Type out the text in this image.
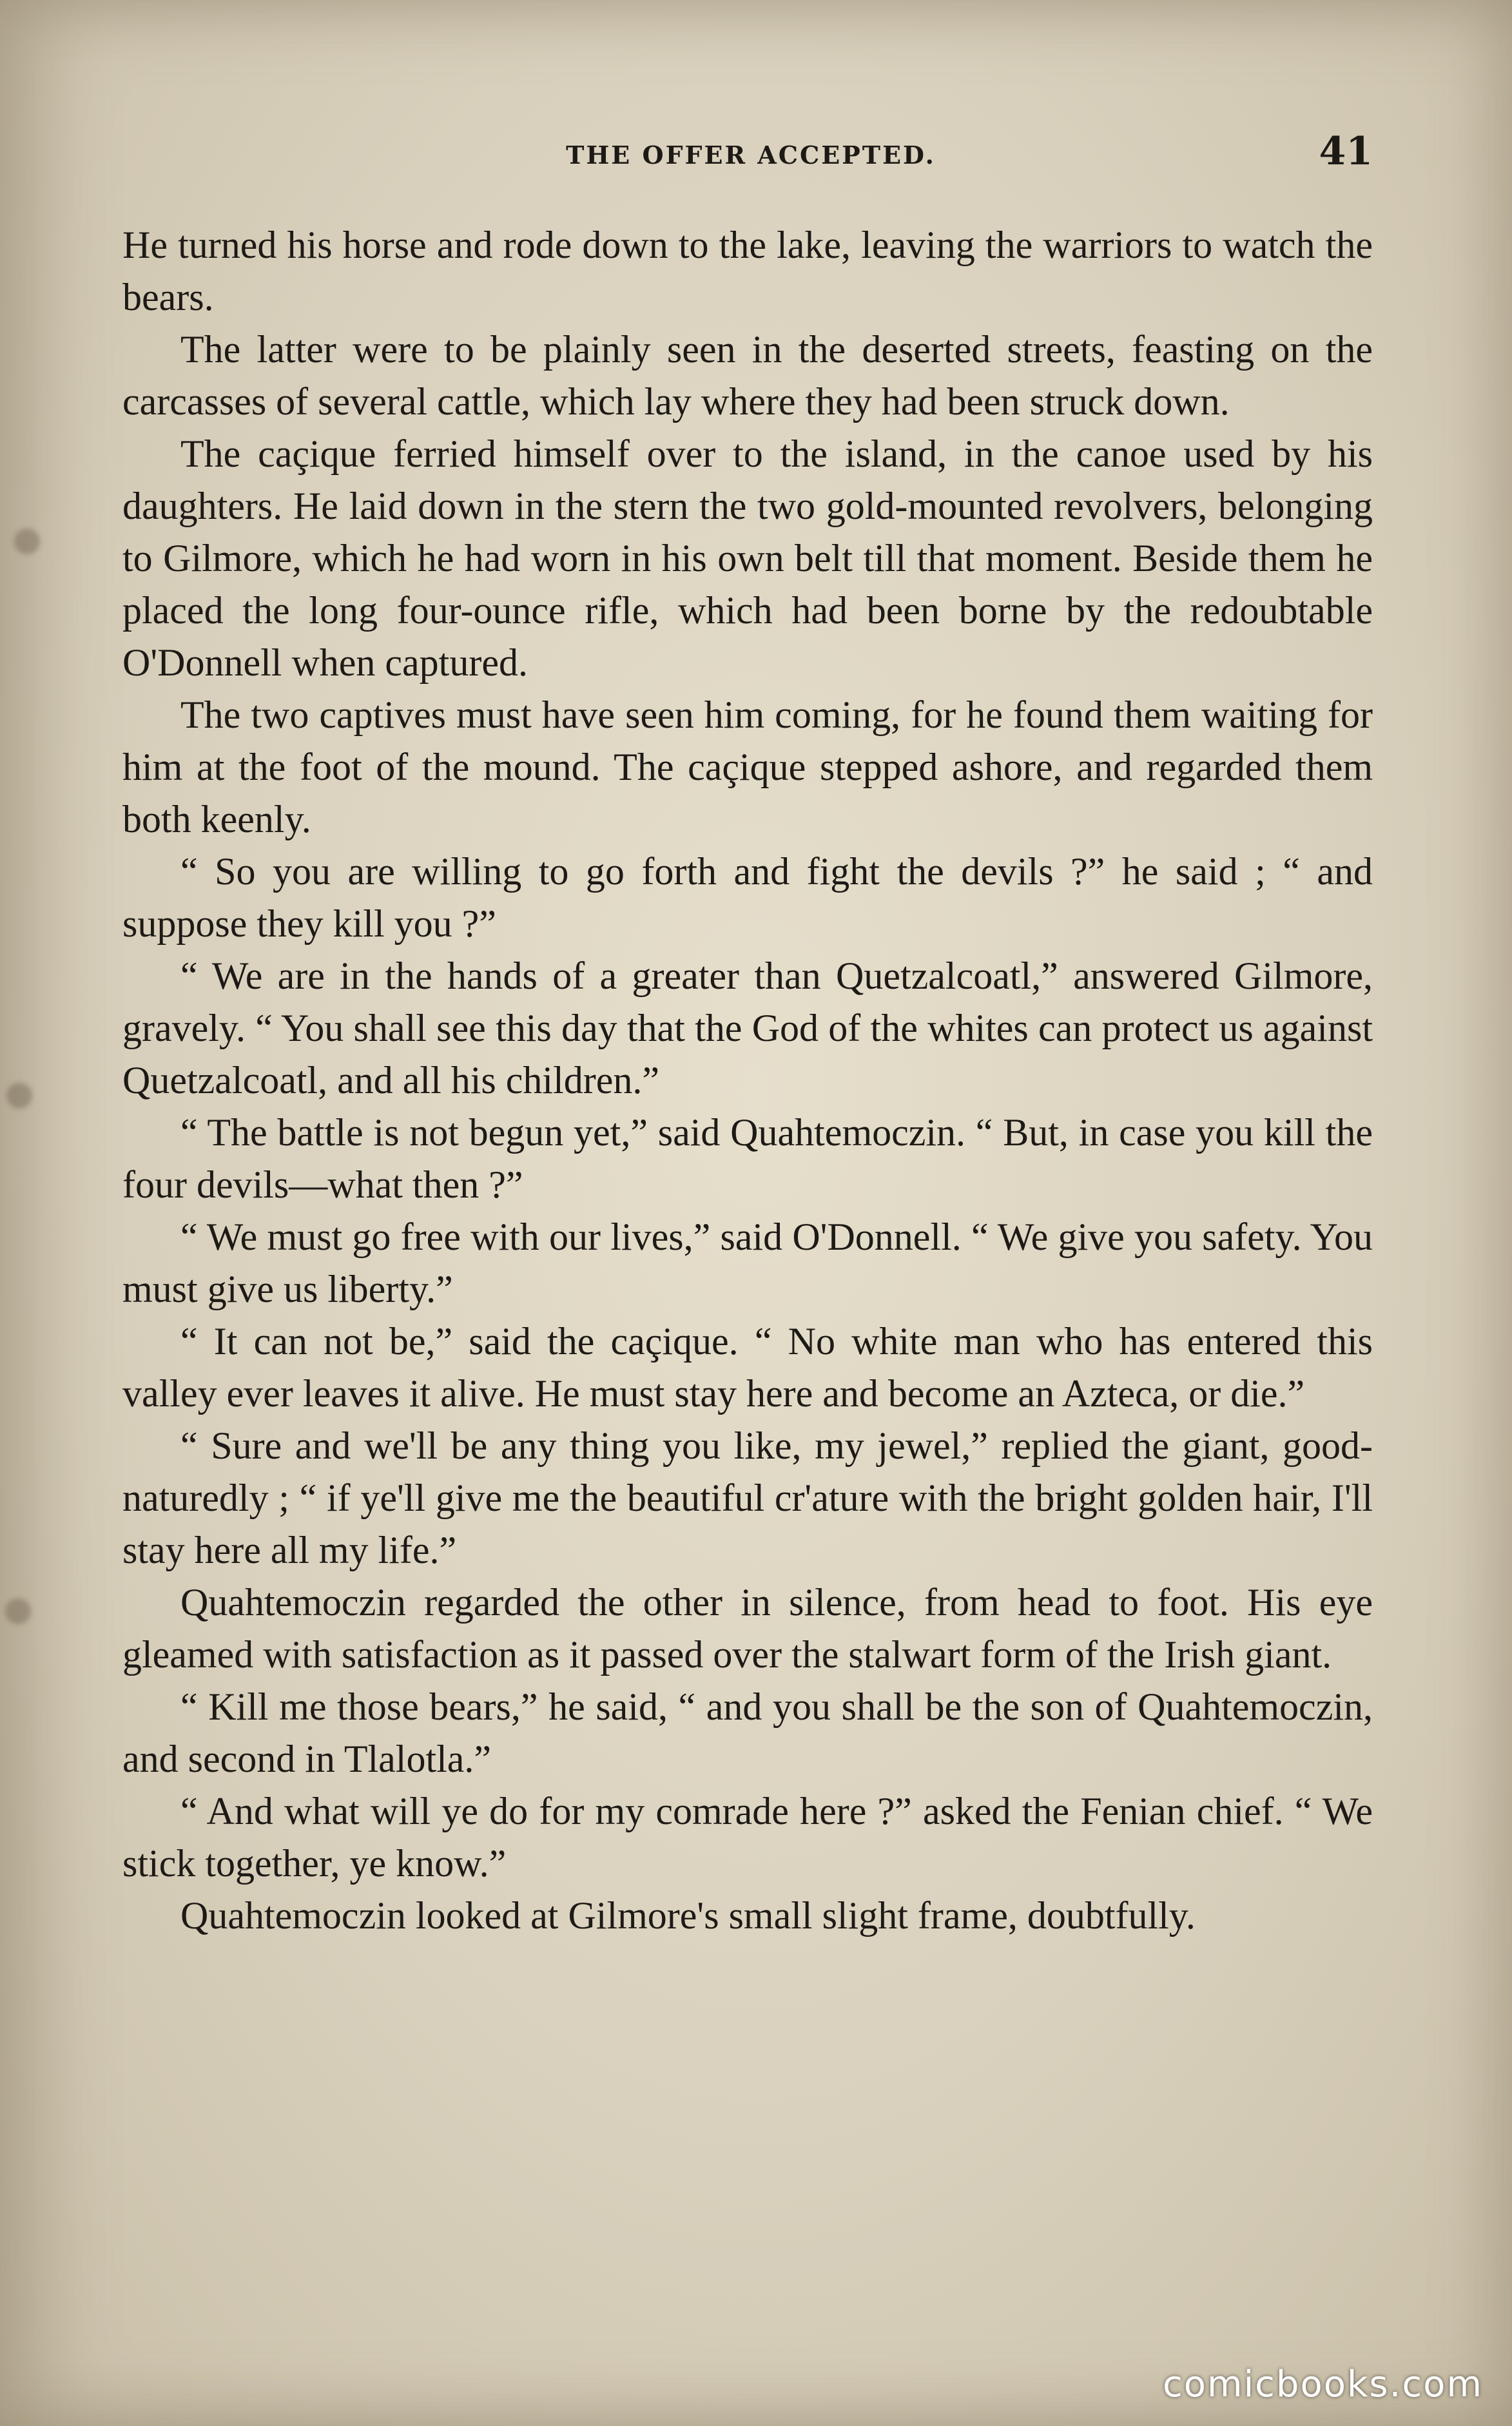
THE OFFER ACCEPTED.	41

He turned his horse and rode down to the lake, leaving the warriors to watch the bears.

The latter were to be plainly seen in the deserted streets, feasting on the carcasses of several cattle, which lay where they had been struck down.

The caçique ferried himself over to the island, in the canoe used by his daughters. He laid down in the stern the two gold-mounted revolvers, belonging to Gilmore, which he had worn in his own belt till that moment. Beside them he placed the long four-ounce rifle, which had been borne by the redoubtable O'Donnell when captured.

The two captives must have seen him coming, for he found them waiting for him at the foot of the mound. The caçique stepped ashore, and regarded them both keenly.

“ So you are willing to go forth and fight the devils ?” he said ; “ and suppose they kill you ?”

“ We are in the hands of a greater than Quetzalcoatl,” answered Gilmore, gravely. “ You shall see this day that the God of the whites can protect us against Quetzalcoatl, and all his children.”

“ The battle is not begun yet,” said Quahtemoczin. “ But, in case you kill the four devils—what then ?”

“ We must go free with our lives,” said O'Donnell. “ We give you safety. You must give us liberty.”

“ It can not be,” said the caçique. “ No white man who has entered this valley ever leaves it alive. He must stay here and become an Azteca, or die.”

“ Sure and we'll be any thing you like, my jewel,” replied the giant, good-naturedly ; “ if ye'll give me the beautiful cr'ature with the bright golden hair, I'll stay here all my life.”

Quahtemoczin regarded the other in silence, from head to foot. His eye gleamed with satisfaction as it passed over the stalwart form of the Irish giant.

“ Kill me those bears,” he said, “ and you shall be the son of Quahtemoczin, and second in Tlalotla.”

“ And what will ye do for my comrade here ?” asked the Fenian chief. “ We stick together, ye know.”

Quahtemoczin looked at Gilmore's small slight frame, doubtfully.

comicbooks.com
